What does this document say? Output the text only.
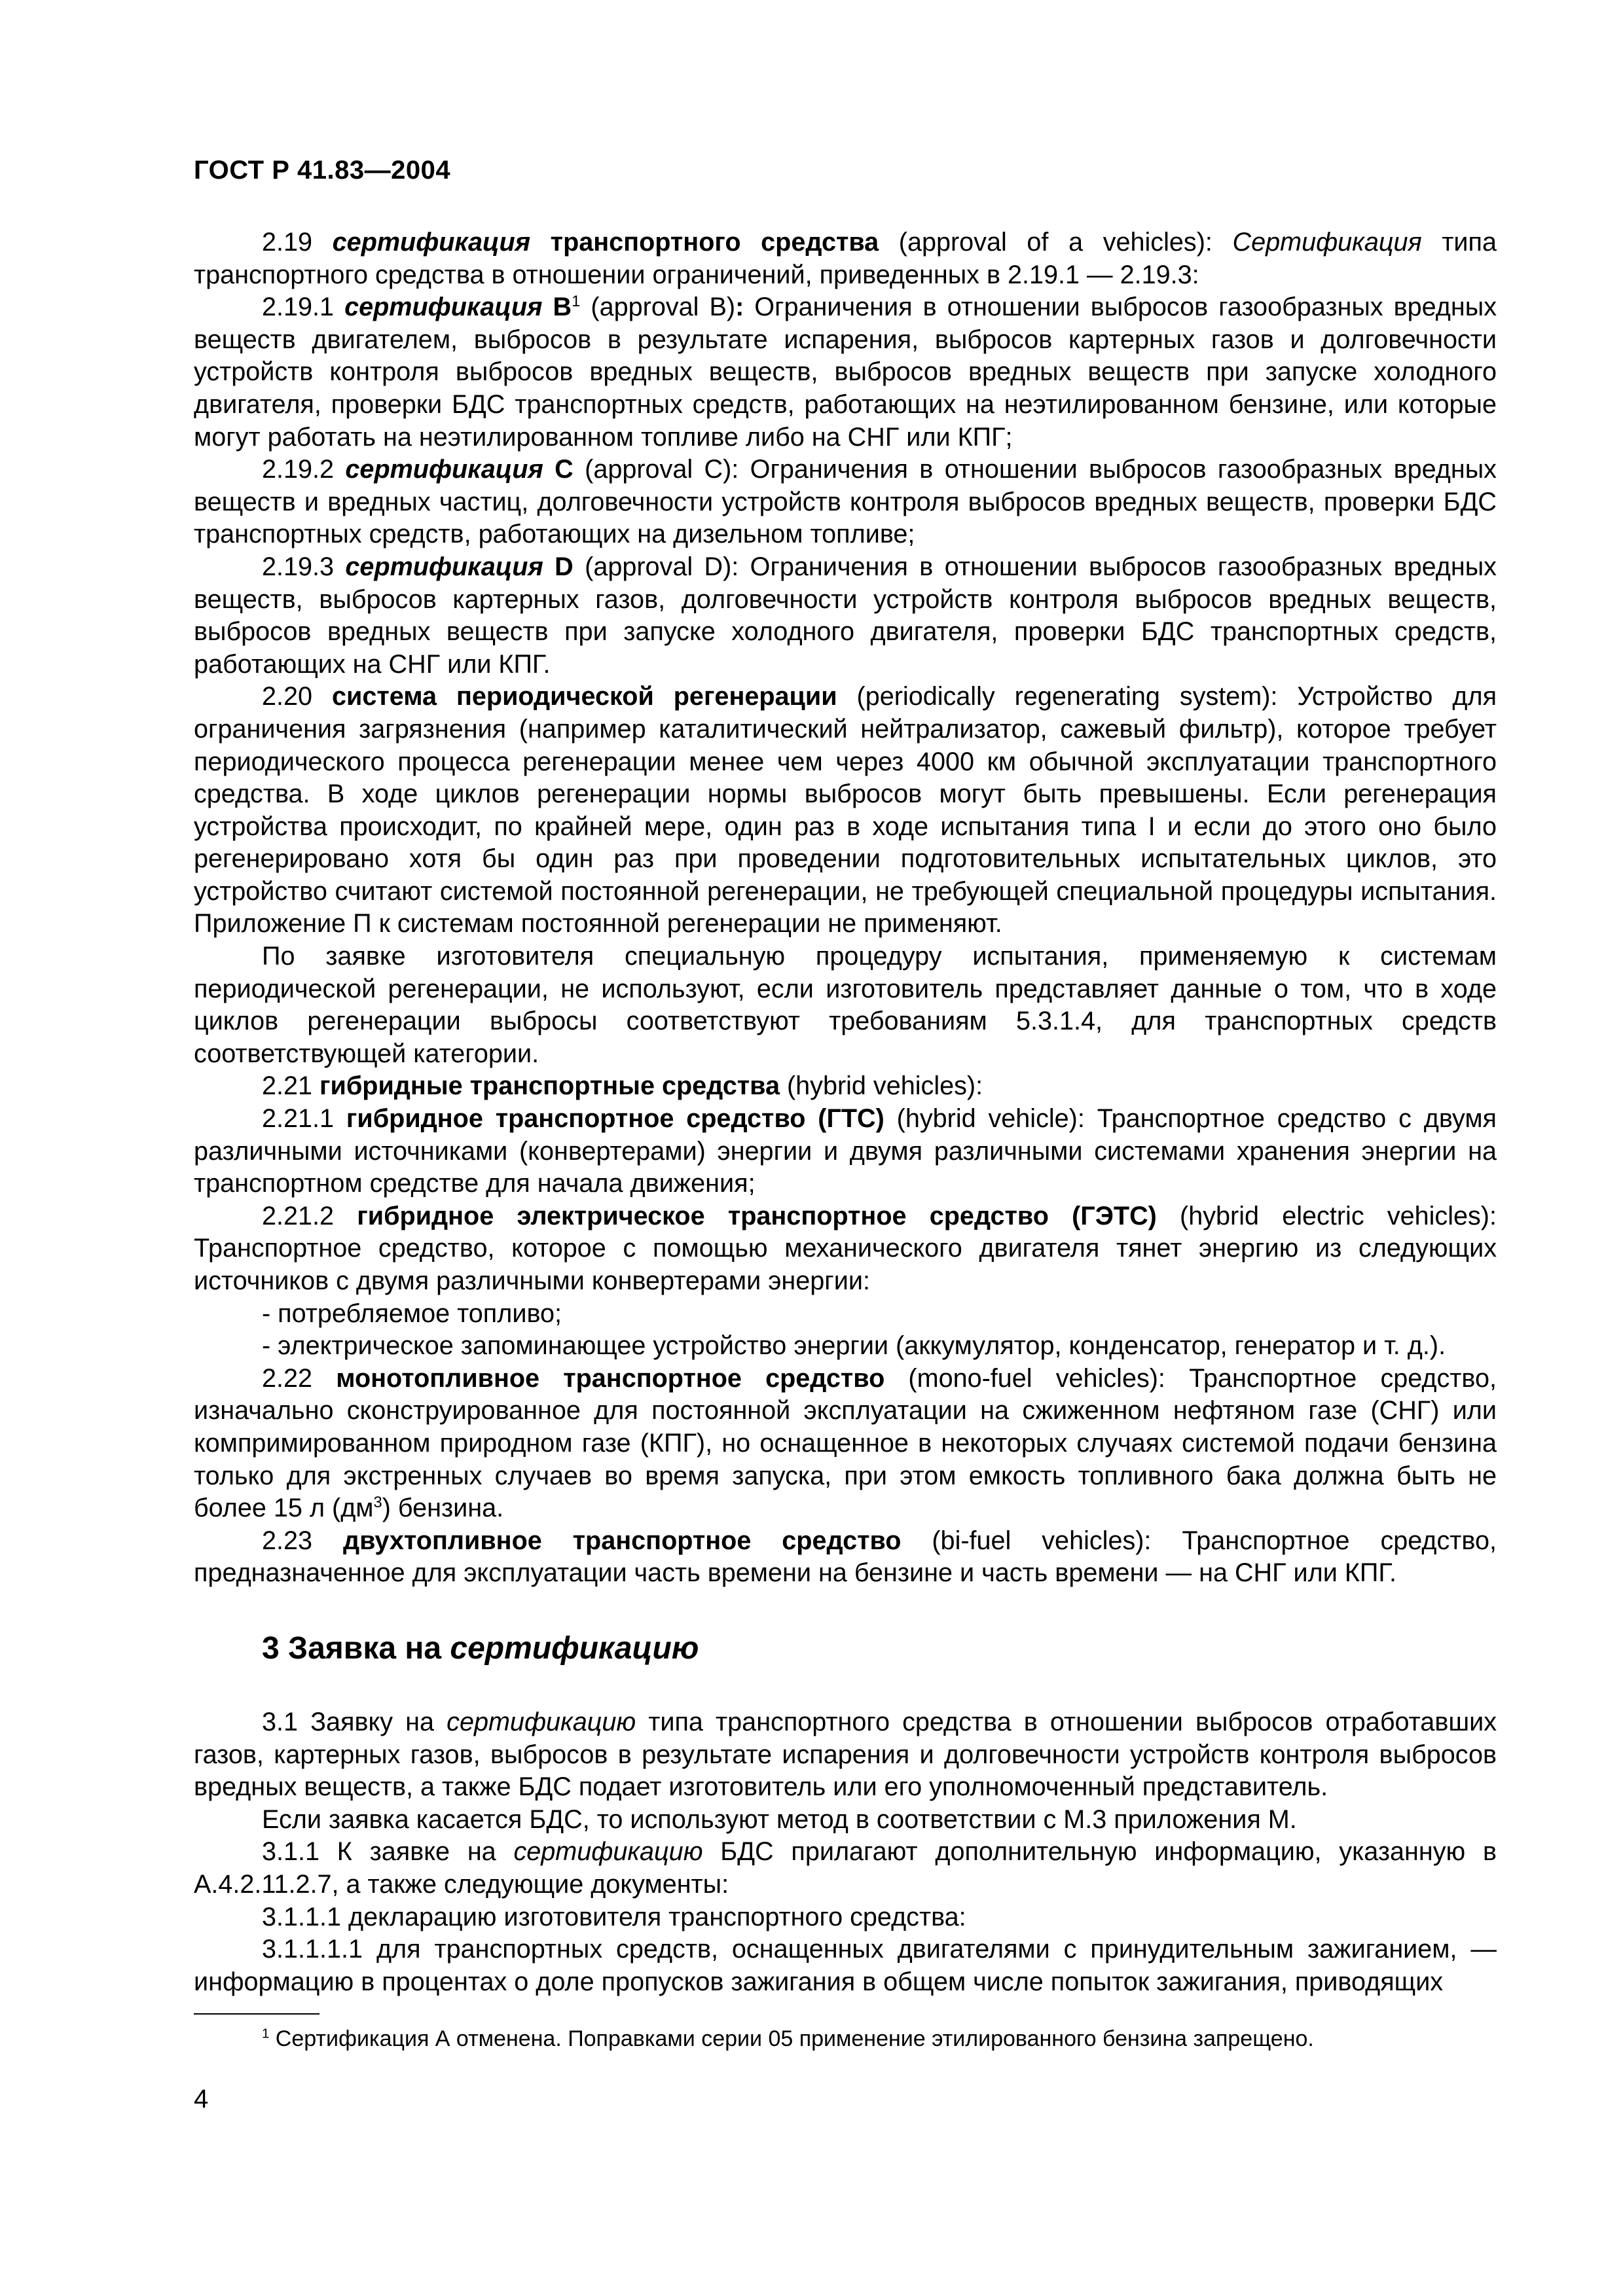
ГОСТ Р 41.83—2004

2.19 сертификация транспортного средства (approval of a vehicles): Сертификация типа транспортного средства в отношении ограничений, приведенных в 2.19.1 — 2.19.3:

2.19.1 сертификация $B^1$ (approval B): Ограничения в отношении выбросов газообразных вредных веществ двигателем, выбросов в результате испарения, выбросов картерных газов и долговечности устройств контроля выбросов вредных веществ, выбросов вредных веществ при запуске холодного двигателя, проверки БДС транспортных средств, работающих на неэтилированном бензине, или которые могут работать на неэтилированном топливе либо на СНГ или КПГ;

2.19.2 сертификация C (approval C): Ограничения в отношении выбросов газообразных вредных веществ и вредных частиц, долговечности устройств контроля выбросов вредных веществ, проверки БДС транспортных средств, работающих на дизельном топливе;

2.19.3 сертификация D (approval D): Ограничения в отношении выбросов газообразных вредных веществ, выбросов картерных газов, долговечности устройств контроля выбросов вредных веществ, выбросов вредных веществ при запуске холодного двигателя, проверки БДС транспортных средств, работающих на СНГ или КПГ.

2.20 система периодической регенерации (periodically regenerating system): Устройство для ограничения загрязнения (например каталитический нейтрализатор, сажевый фильтр), которое требует периодического процесса регенерации менее чем через 4000 км обычной эксплуатации транспортного средства. В ходе циклов регенерации нормы выбросов могут быть превышены. Если регенерация устройства происходит, по крайней мере, один раз в ходе испытания типа I и если до этого оно было регенерировано хотя бы один раз при проведении подготовительных испытательных циклов, это устройство считают системой постоянной регенерации, не требующей специальной процедуры испытания. Приложение П к системам постоянной регенерации не применяют.

По заявке изготовителя специальную процедуру испытания, применяемую к системам периодической регенерации, не используют, если изготовитель представляет данные о том, что в ходе циклов регенерации выбросы соответствуют требованиям 5.3.1.4, для транспортных средств соответствующей категории.

2.21 гибридные транспортные средства (hybrid vehicles):

2.21.1 гибридное транспортное средство (ГТС) (hybrid vehicle): Транспортное средство с двумя различными источниками (конвертерами) энергии и двумя различными системами хранения энергии на транспортном средстве для начала движения;

2.21.2 гибридное электрическое транспортное средство (ГЭТС) (hybrid electric vehicles): Транспортное средство, которое с помощью механического двигателя тянет энергию из следующих источников с двумя различными конвертерами энергии:

- потребляемое топливо;

- электрическое запоминающее устройство энергии (аккумулятор, конденсатор, генератор и т. д.).

2.22 монотопливное транспортное средство (mono-fuel vehicles): Транспортное средство, изначально сконструированное для постоянной эксплуатации на сжиженном нефтяном газе (СНГ) или компримированном природном газе (КПГ), но оснащенное в некоторых случаях системой подачи бензина только для экстренных случаев во время запуска, при этом емкость топливного бака должна быть не более 15 л $(дм^3)$ бензина.

2.23 двухтопливное транспортное средство (bi-fuel vehicles): Транспортное средство, предназначенное для эксплуатации часть времени на бензине и часть времени — на СНГ или КПГ.

3 Заявка на сертификацию

3.1 Заявку на сертификацию типа транспортного средства в отношении выбросов отработавших газов, картерных газов, выбросов в результате испарения и долговечности устройств контроля выбросов вредных веществ, а также БДС подает изготовитель или его уполномоченный представитель.

Если заявка касается БДС, то используют метод в соответствии с М.3 приложения М.

3.1.1 К заявке на сертификацию БДС прилагают дополнительную информацию, указанную в А.4.2.11.2.7, а также следующие документы:

3.1.1.1 декларацию изготовителя транспортного средства:

3.1.1.1.1 для транспортных средств, оснащенных двигателями с принудительным зажиганием, — информацию в процентах о доле пропусков зажигания в общем числе попыток зажигания, приводящих

$^1$ Сертификация А отменена. Поправками серии 05 применение этилированного бензина запрещено.
4
